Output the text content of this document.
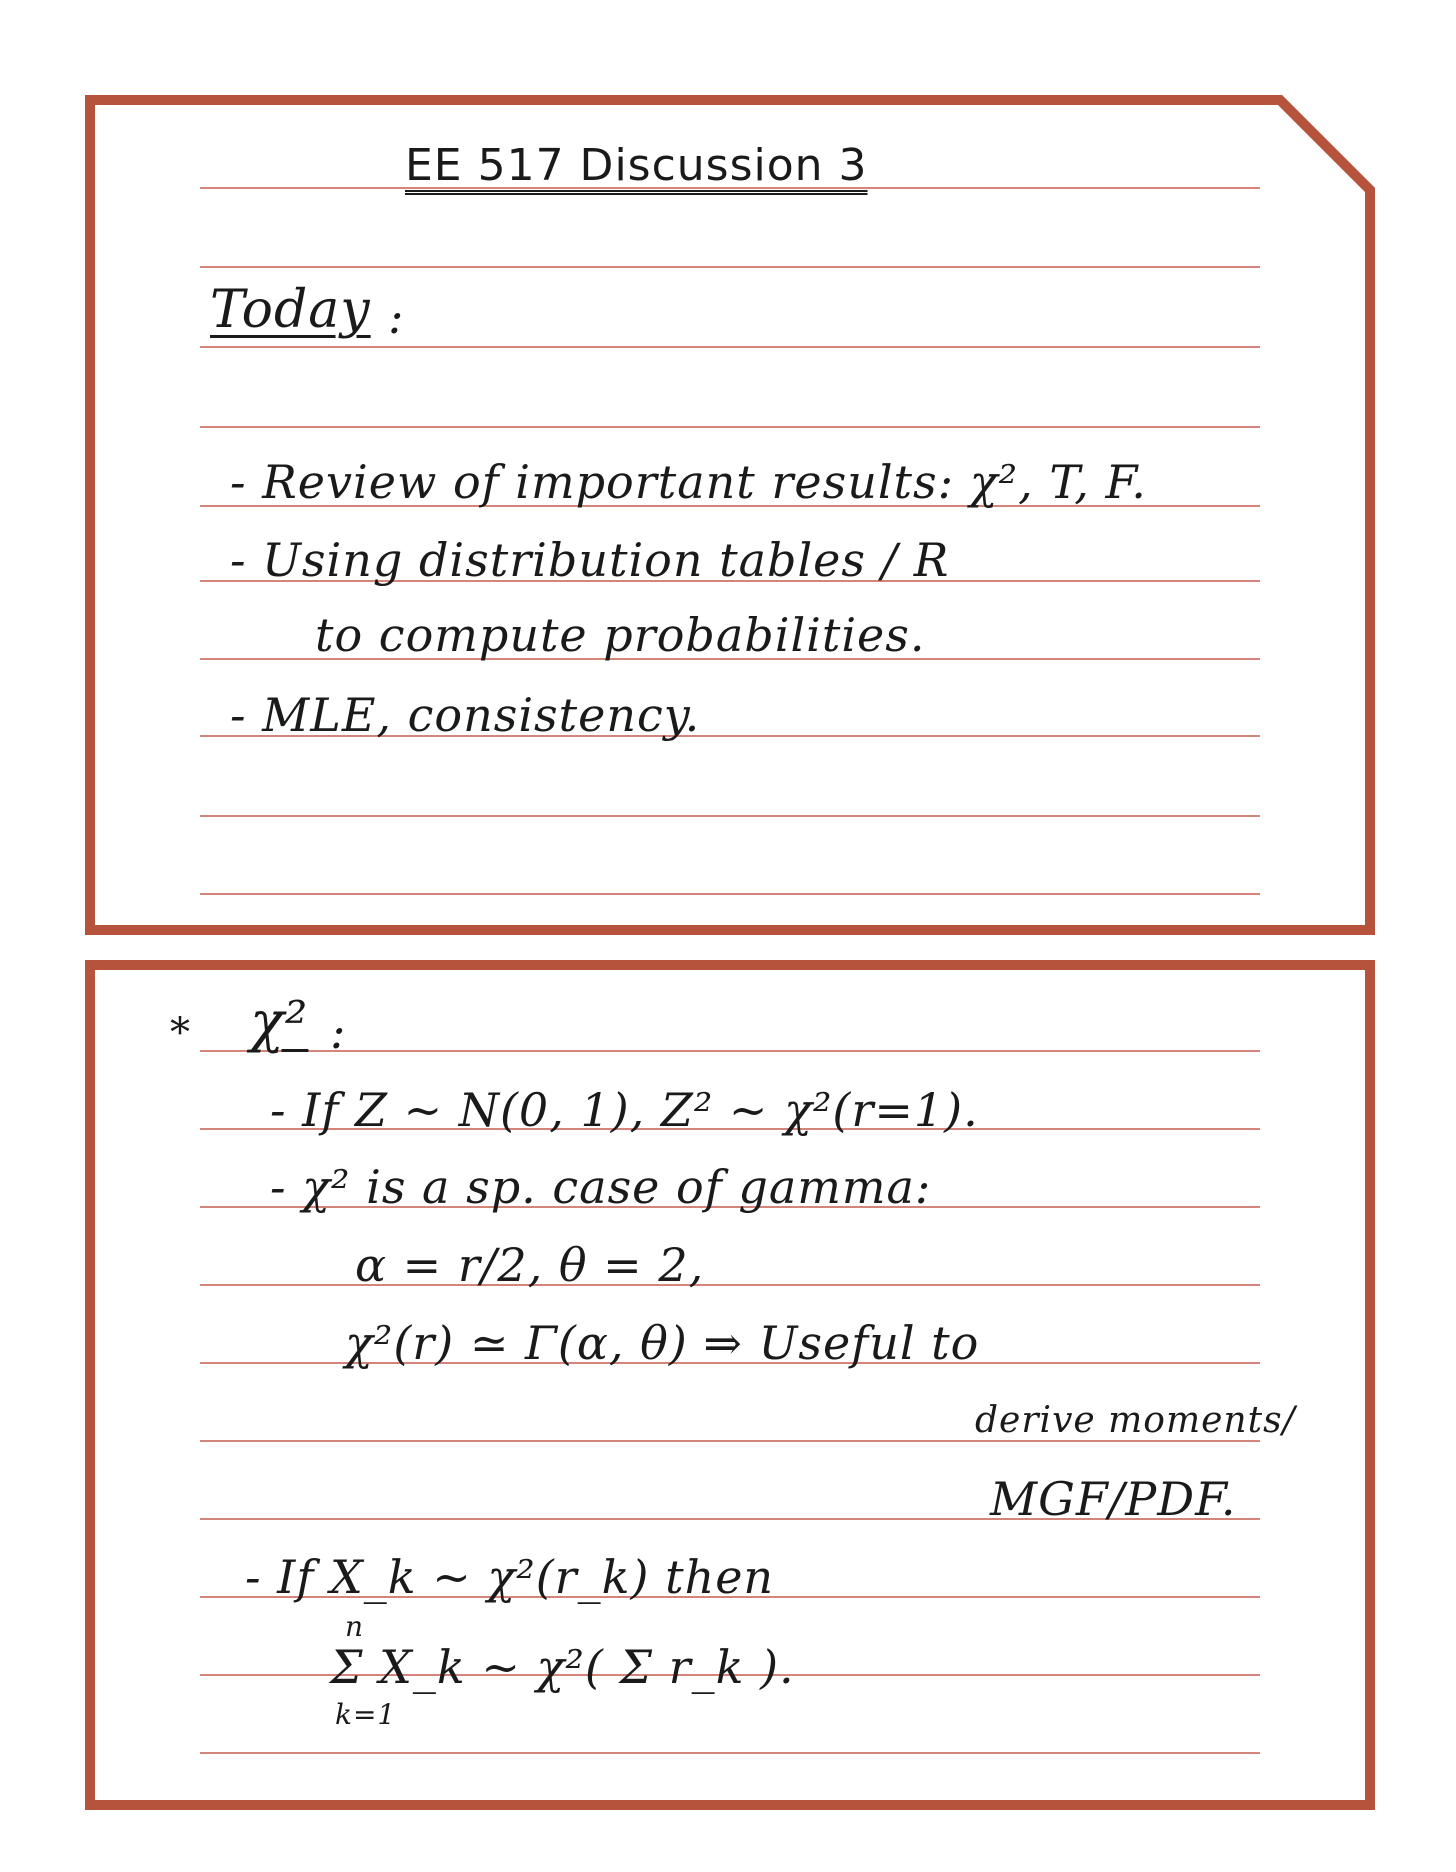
EE 517 Discussion 3
Today :
- Review of important results: χ², T, F.
- Using distribution tables / R
to compute probabilities.
- MLE, consistency.
* χ² :
- If Z ~ N(0, 1), Z² ~ χ²(r=1).
- χ² is a sp. case of gamma:
α = r/2, θ = 2,
χ²(r) ≃ Γ(α, θ) ⇒ Useful to
derive moments/
MGF/PDF.
- If X_k ~ χ²(r_k) then
Σ X_k ~ χ²( Σ r_k ).
k=1
n
